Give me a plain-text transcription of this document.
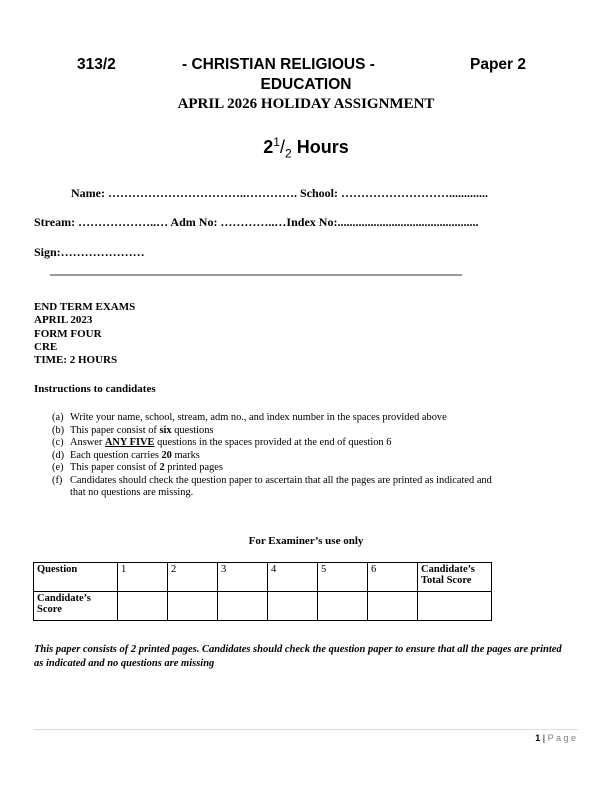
313/2	- CHRISTIAN RELIGIOUS -	Paper 2
EDUCATION
APRIL 2026 HOLIDAY ASSIGNMENT
$2^1/_2$ Hours
Name: ……………………………..…………. School: ……………………….............
Stream: ………………..… Adm No: …………..…Index No:...............................................
Sign:…………………
END TERM EXAMS
APRIL 2023
FORM FOUR
CRE
TIME: 2 HOURS
Instructions to candidates
(a) Write your name, school, stream, adm no., and index number in the spaces provided above
(b) This paper consist of six questions
(c) Answer ANY FIVE questions in the spaces provided at the end of question 6
(d) Each question carries 20 marks
(e) This paper consist of 2 printed pages
(f) Candidates should check the question paper to ascertain that all the pages are printed as indicated and
that no questions are missing.
For Examiner’s use only
Question	1	2	3	4	5	6	Candidate’s Total Score
Candidate’s Score							
This paper consists of 2 printed pages. Candidates should check the question paper to ensure that all the pages are printed as indicated and no questions are missing
1 | P a g e
